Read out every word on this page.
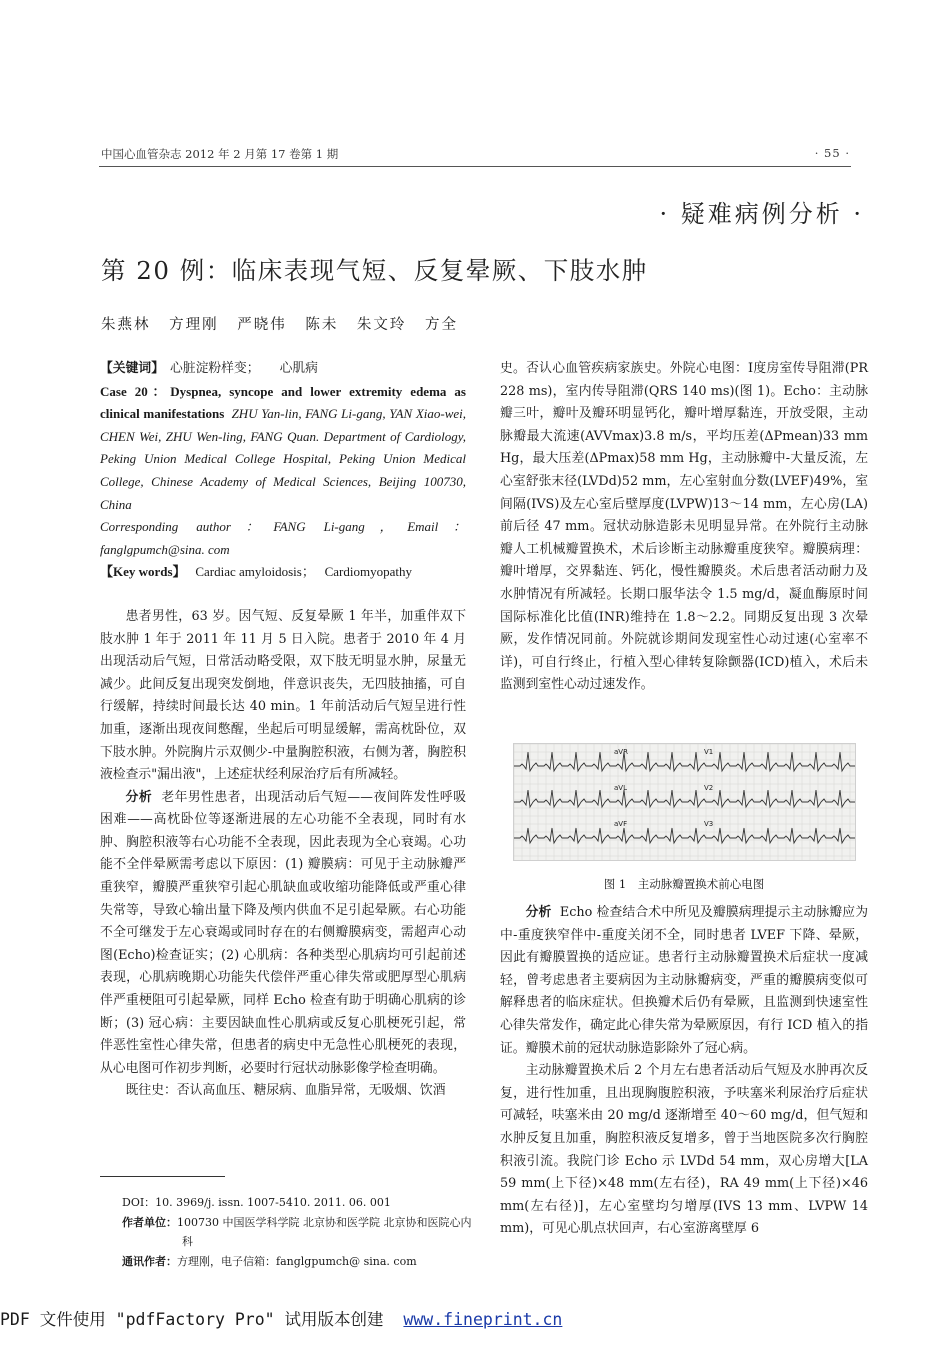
中国心血管杂志 2012 年 2 月第 17 卷第 1 期	· 55 ·
· 疑难病例分析 ·
第 20 例：临床表现气短、反复晕厥、下肢水肿
朱燕林 方理刚 严晓伟 陈未 朱文玲 方全

【关键词】 心脏淀粉样变； 心肌病

Case 20：Dyspnea, syncope and lower extremity edema as clinical manifestations ZHU Yan-lin, FANG Li-gang, YAN Xiao-wei, CHEN Wei, ZHU Wen-ling, FANG Quan. Department of Cardiology, Peking Union Medical College Hospital, Peking Union Medical College, Chinese Academy of Medical Sciences, Beijing 100730, China

Corresponding author：FANG Li-gang，Email：fanglgpumch@sina. com

【Key words】 Cardiac amyloidosis； Cardiomyopathy

患者男性，63 岁。因气短、反复晕厥 1 年半，加重伴双下肢水肿 1 年于 2011 年 11 月 5 日入院。患者于 2010 年 4 月出现活动后气短，日常活动略受限，双下肢无明显水肿，尿量无减少。此间反复出现突发倒地，伴意识丧失，无四肢抽搐，可自行缓解，持续时间最长达 40 min。1 年前活动后气短呈进行性加重，逐渐出现夜间憋醒，坐起后可明显缓解，需高枕卧位，双下肢水肿。外院胸片示双侧少-中量胸腔积液，右侧为著，胸腔积液检查示"漏出液"，上述症状经利尿治疗后有所减轻。

分析 老年男性患者，出现活动后气短——夜间阵发性呼吸困难——高枕卧位等逐渐进展的左心功能不全表现，同时有水肿、胸腔积液等右心功能不全表现，因此表现为全心衰竭。心功能不全伴晕厥需考虑以下原因：(1) 瓣膜病：可见于主动脉瓣严重狭窄，瓣膜严重狭窄引起心肌缺血或收缩功能降低或严重心律失常等，导致心输出量下降及颅内供血不足引起晕厥。右心功能不全可继发于左心衰竭或同时存在的右侧瓣膜病变，需超声心动图(Echo)检查证实；(2) 心肌病：各种类型心肌病均可引起前述表现，心肌病晚期心功能失代偿伴严重心律失常或肥厚型心肌病伴严重梗阻可引起晕厥，同样 Echo 检查有助于明确心肌病的诊断；(3) 冠心病：主要因缺血性心肌病或反复心肌梗死引起，常伴恶性室性心律失常，但患者的病史中无急性心肌梗死的表现，从心电图可作初步判断，必要时行冠状动脉影像学检查明确。

既往史：否认高血压、糖尿病、血脂异常，无吸烟、饮酒

史。否认心血管疾病家族史。外院心电图：Ⅰ度房室传导阻滞(PR 228 ms)，室内传导阻滞(QRS 140 ms)(图 1)。Echo：主动脉瓣三叶，瓣叶及瓣环明显钙化，瓣叶增厚黏连，开放受限，主动脉瓣最大流速(AVVmax)3.8 m/s，平均压差(ΔPmean)33 mm Hg，最大压差(ΔPmax)58 mm Hg，主动脉瓣中-大量反流，左心室舒张末径(LVDd)52 mm，左心室射血分数(LVEF)49%，室间隔(IVS)及左心室后壁厚度(LVPW)13～14 mm，左心房(LA)前后径 47 mm。冠状动脉造影未见明显异常。在外院行主动脉瓣人工机械瓣置换术，术后诊断主动脉瓣重度狭窄。瓣膜病理：瓣叶增厚，交界黏连、钙化，慢性瓣膜炎。术后患者活动耐力及水肿情况有所减轻。长期口服华法令 1.5 mg/d，凝血酶原时间国际标准化比值(INR)维持在 1.8～2.2。同期反复出现 3 次晕厥，发作情况同前。外院就诊期间发现室性心动过速(心室率不详)，可自行终止，行植入型心律转复除颤器(ICD)植入，术后未监测到室性心动过速发作。

aVR	V1
aVL	V2
aVF	V3
图 1　主动脉瓣置换术前心电图

分析 Echo 检查结合术中所见及瓣膜病理提示主动脉瓣应为中-重度狭窄伴中-重度关闭不全，同时患者 LVEF 下降、晕厥，因此有瓣膜置换的适应证。患者行主动脉瓣置换术后症状一度减轻，曾考虑患者主要病因为主动脉瓣病变，严重的瓣膜病变似可解释患者的临床症状。但换瓣术后仍有晕厥，且监测到快速室性心律失常发作，确定此心律失常为晕厥原因，有行 ICD 植入的指证。瓣膜术前的冠状动脉造影除外了冠心病。

主动脉瓣置换术后 2 个月左右患者活动后气短及水肿再次反复，进行性加重，且出现胸腹腔积液，予呋塞米利尿治疗后症状可减轻，呋塞米由 20 mg/d 逐渐增至 40～60 mg/d，但气短和水肿反复且加重，胸腔积液反复增多，曾于当地医院多次行胸腔积液引流。我院门诊 Echo 示 LVDd 54 mm，双心房增大[LA 59 mm(上下径)×48 mm(左右径)，RA 49 mm(上下径)×46 mm(左右径)]，左心室壁均匀增厚(IVS 13 mm、LVPW 14 mm)，可见心肌点状回声，右心室游离壁厚 6

DOI：10. 3969/j. issn. 1007-5410. 2011. 06. 001

作者单位：100730 中国医学科学院 北京协和医学院 北京协和医院心内科

通讯作者：方理刚，电子信箱：fanglgpumch@ sina. com

PDF 文件使用 "pdfFactory Pro" 试用版本创建 www.fineprint.cn
